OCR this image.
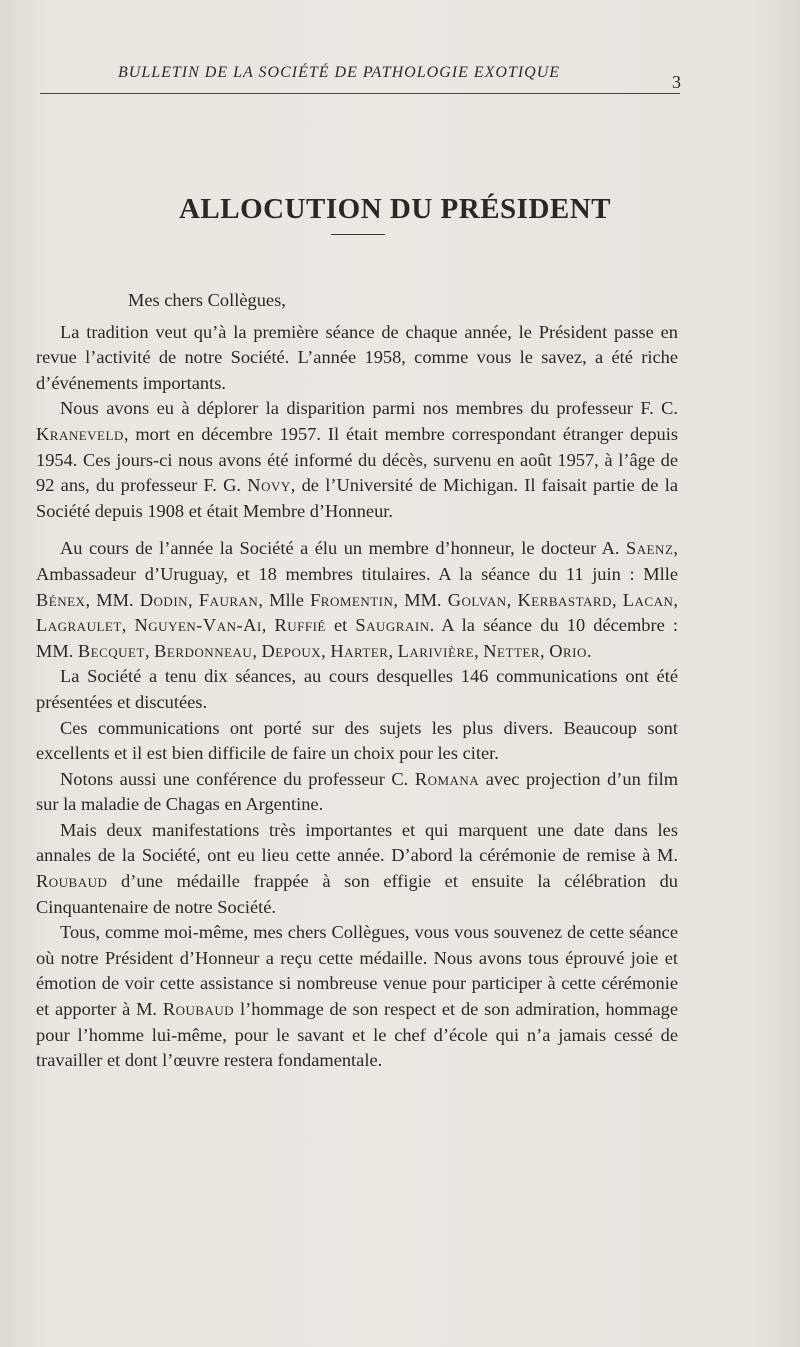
BULLETIN DE LA SOCIÉTÉ DE PATHOLOGIE EXOTIQUE	3
ALLOCUTION DU PRÉSIDENT

Mes chers Collègues,

La tradition veut qu’à la première séance de chaque année, le Président passe en revue l’activité de notre Société. L’année 1958, comme vous le savez, a été riche d’événements importants.

Nous avons eu à déplorer la disparition parmi nos membres du professeur F. C. Kraneveld, mort en décembre 1957. Il était membre correspondant étranger depuis 1954. Ces jours-ci nous avons été informé du décès, survenu en août 1957, à l’âge de 92 ans, du professeur F. G. Novy, de l’Université de Michigan. Il faisait partie de la Société depuis 1908 et était Membre d’Honneur.

Au cours de l’année la Société a élu un membre d’honneur, le docteur A. Saenz, Ambassadeur d’Uruguay, et 18 membres titulaires. A la séance du 11 juin : Mlle Bénex, MM. Dodin, Fauran, Mlle Fromentin, MM. Golvan, Kerbastard, Lacan, Lagraulet, Nguyen-Van-Ai, Ruffié et Saugrain. A la séance du 10 décembre : MM. Becquet, Berdonneau, Depoux, Harter, Larivière, Netter, Orio.

La Société a tenu dix séances, au cours desquelles 146 communications ont été présentées et discutées.

Ces communications ont porté sur des sujets les plus divers. Beaucoup sont excellents et il est bien difficile de faire un choix pour les citer.

Notons aussi une conférence du professeur C. Romana avec projection d’un film sur la maladie de Chagas en Argentine.

Mais deux manifestations très importantes et qui marquent une date dans les annales de la Société, ont eu lieu cette année. D’abord la cérémonie de remise à M. Roubaud d’une médaille frappée à son effigie et ensuite la célébration du Cinquantenaire de notre Société.

Tous, comme moi-même, mes chers Collègues, vous vous souvenez de cette séance où notre Président d’Honneur a reçu cette médaille. Nous avons tous éprouvé joie et émotion de voir cette assistance si nombreuse venue pour participer à cette cérémonie et apporter à M. Roubaud l’hommage de son respect et de son admiration, hommage pour l’homme lui-même, pour le savant et le chef d’école qui n’a jamais cessé de travailler et dont l’œuvre restera fondamentale.
